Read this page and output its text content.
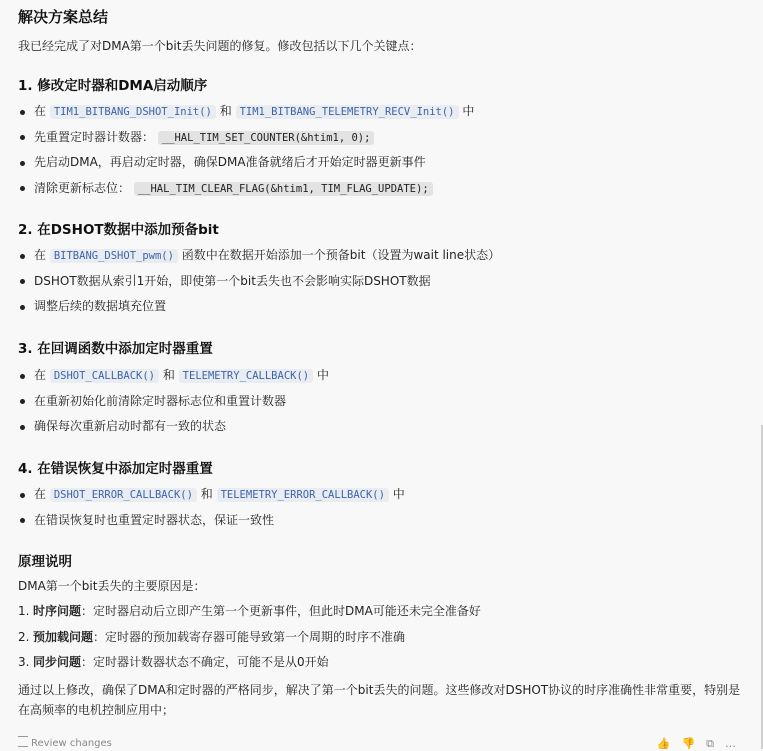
解决方案总结
我已经完成了对DMA第一个bit丢失问题的修复。修改包括以下几个关键点：
1. 修改定时器和DMA启动顺序
在 TIM1_BITBANG_DSHOT_Init() 和 TIM1_BITBANG_TELEMETRY_RECV_Init() 中
先重置定时器计数器： __HAL_TIM_SET_COUNTER(&htim1, 0);
先启动DMA，再启动定时器，确保DMA准备就绪后才开始定时器更新事件
清除更新标志位： __HAL_TIM_CLEAR_FLAG(&htim1, TIM_FLAG_UPDATE);
2. 在DSHOT数据中添加预备bit
在 BITBANG_DSHOT_pwm() 函数中在数据开始添加一个预备bit（设置为wait line状态）
DSHOT数据从索引1开始，即使第一个bit丢失也不会影响实际DSHOT数据
调整后续的数据填充位置
3. 在回调函数中添加定时器重置
在 DSHOT_CALLBACK() 和 TELEMETRY_CALLBACK() 中
在重新初始化前清除定时器标志位和重置计数器
确保每次重新启动时都有一致的状态
4. 在错误恢复中添加定时器重置
在 DSHOT_ERROR_CALLBACK() 和 TELEMETRY_ERROR_CALLBACK() 中
在错误恢复时也重置定时器状态，保证一致性
原理说明
DMA第一个bit丢失的主要原因是：
1. 时序问题：定时器启动后立即产生第一个更新事件，但此时DMA可能还未完全准备好
2. 预加载问题：定时器的预加载寄存器可能导致第一个周期的时序不准确
3. 同步问题：定时器计数器状态不确定，可能不是从0开始
通过以上修改，确保了DMA和定时器的严格同步，解决了第一个bit丢失的问题。这些修改对DSHOT协议的时序准确性非常重要，特别是在高频率的电机控制应用中；
Review changes	👍👎⧉…
